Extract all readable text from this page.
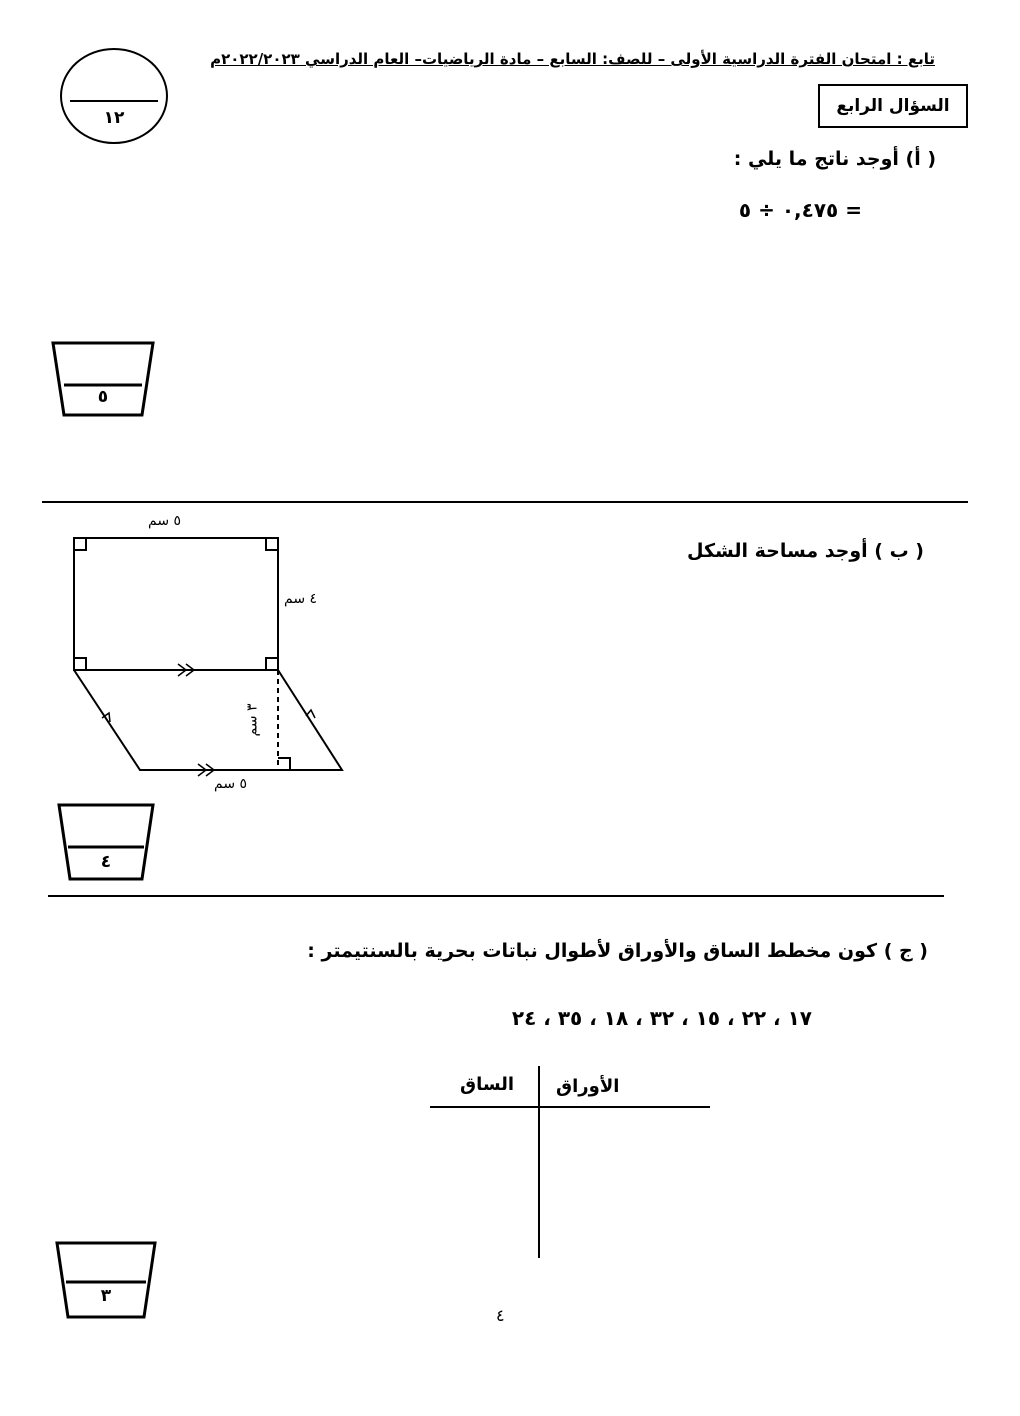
تابع : امتحان الفترة الدراسية الأولى – للصف: السابع – مادة الرياضيات– العام الدراسي ٢٠٢٢/٢٠٢٣م
١٢
السؤال الرابع
( أ) أوجد ناتج ما يلي :
٠,٤٧٥ ÷ ٥ =
٥
( ب ) أوجد مساحة الشكل
٥ سم
٤ سم
٣ سم
٥ سم
٤
( ج ) كون مخطط الساق والأوراق لأطوال نباتات بحرية بالسنتيمتر :
١٧ ، ٢٢ ، ١٥ ، ٣٢ ، ١٨ ، ٣٥ ، ٢٤
الساق الأوراق
٣
٤
